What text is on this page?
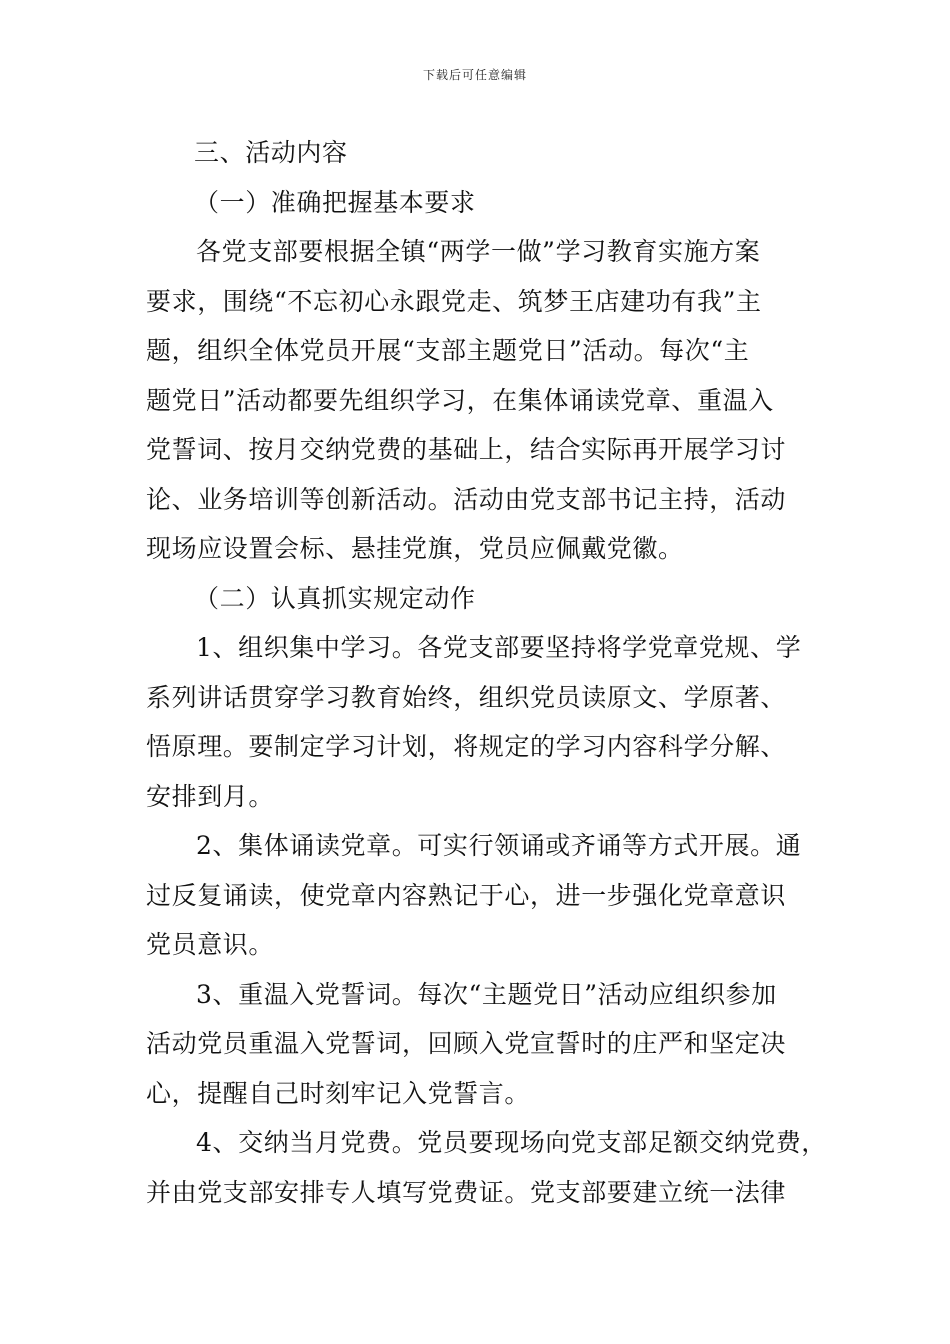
下载后可任意编辑
三、活动内容
（一）准确把握基本要求
各党支部要根据全镇“两学一做”学习教育实施方案
要求，围绕“不忘初心永跟党走、筑梦王店建功有我”主
题，组织全体党员开展“支部主题党日”活动。每次“主
题党日”活动都要先组织学习，在集体诵读党章、重温入
党誓词、按月交纳党费的基础上，结合实际再开展学习讨
论、业务培训等创新活动。活动由党支部书记主持，活动
现场应设置会标、悬挂党旗，党员应佩戴党徽。
（二）认真抓实规定动作
1、组织集中学习。各党支部要坚持将学党章党规、学
系列讲话贯穿学习教育始终，组织党员读原文、学原著、
悟原理。要制定学习计划，将规定的学习内容科学分解、
安排到月。
2、集体诵读党章。可实行领诵或齐诵等方式开展。通
过反复诵读，使党章内容熟记于心，进一步强化党章意识
党员意识。
3、重温入党誓词。每次“主题党日”活动应组织参加
活动党员重温入党誓词，回顾入党宣誓时的庄严和坚定决
心，提醒自己时刻牢记入党誓言。
4、交纳当月党费。党员要现场向党支部足额交纳党费，
并由党支部安排专人填写党费证。党支部要建立统一法律
